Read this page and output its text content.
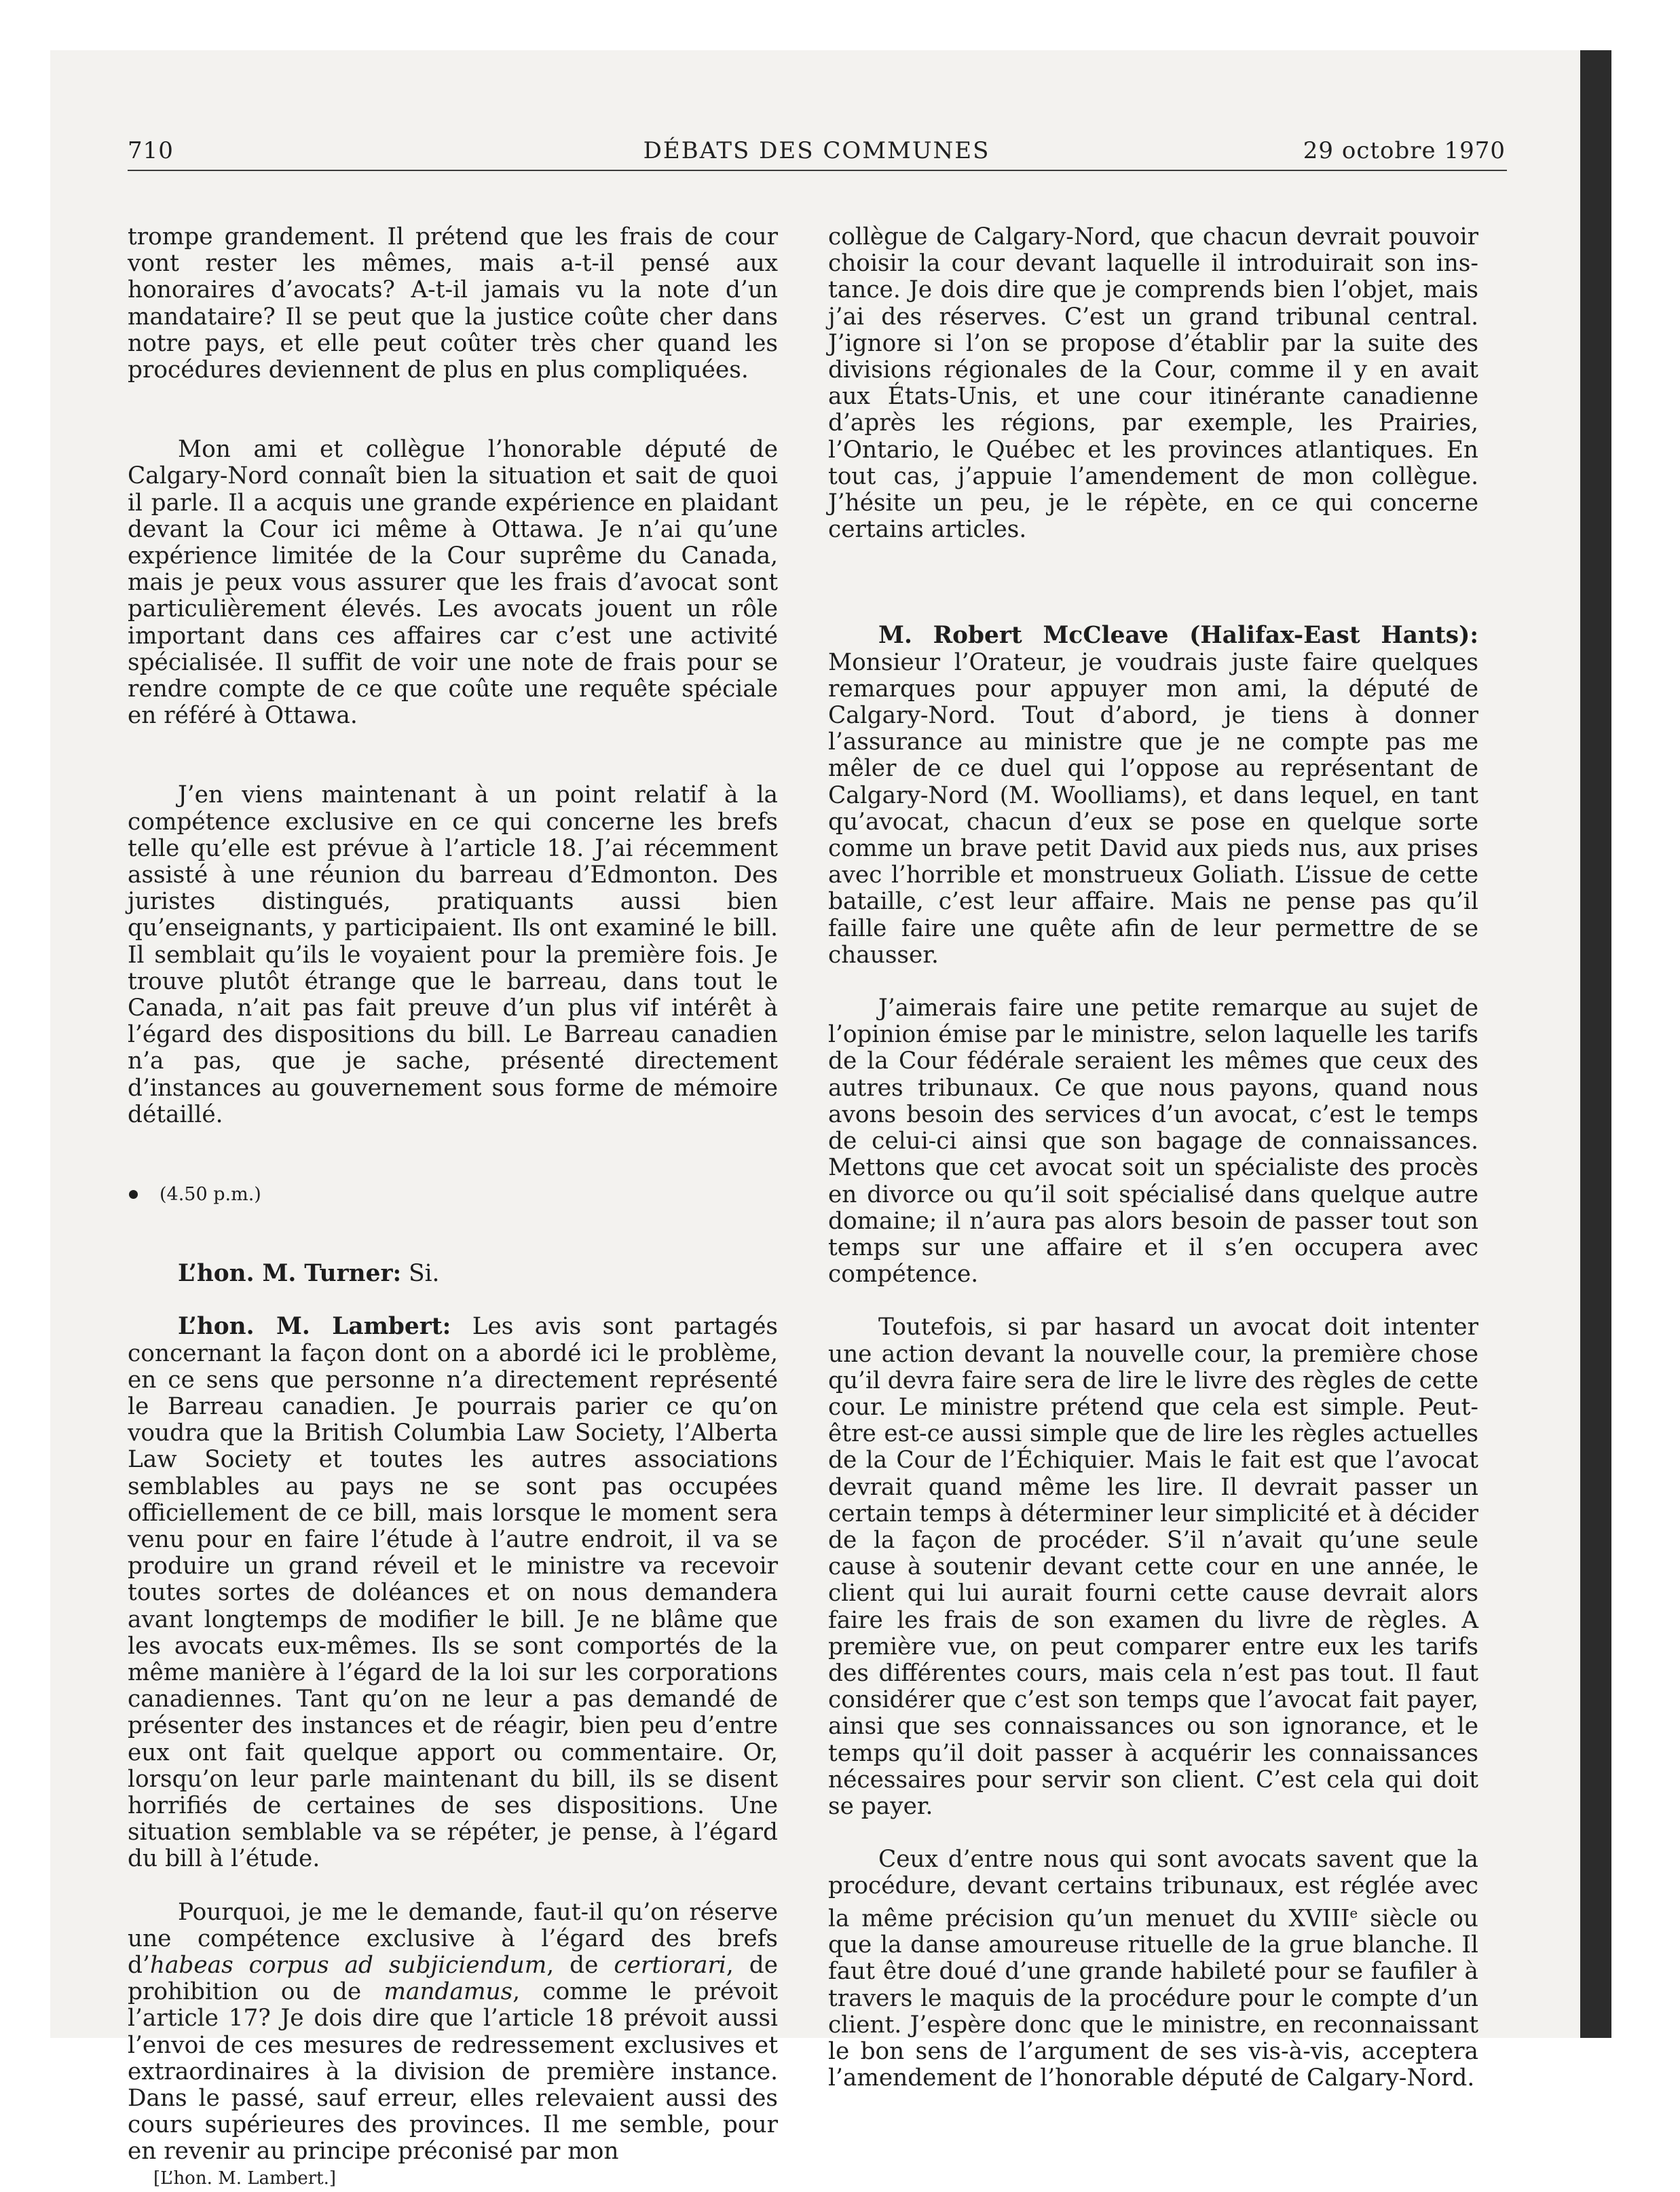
710	DÉBATS DES COMMUNES	29 octobre 1970

trompe grandement. Il prétend que les frais de cour vont rester les mêmes, mais a-t-il pensé aux honoraires d’avocats? A-t-il jamais vu la note d’un mandataire? Il se peut que la justice coûte cher dans notre pays, et elle peut coûter très cher quand les procédures deviennent de plus en plus compliquées.

Mon ami et collègue l’honorable député de Calgary-Nord connaît bien la situation et sait de quoi il parle. Il a acquis une grande expérience en plaidant devant la Cour ici même à Ottawa. Je n’ai qu’une expérience limitée de la Cour suprême du Canada, mais je peux vous assurer que les frais d’avocat sont particulièrement élevés. Les avocats jouent un rôle important dans ces affaires car c’est une activité spécialisée. Il suffit de voir une note de frais pour se rendre compte de ce que coûte une requête spéciale en référé à Ottawa.

J’en viens maintenant à un point relatif à la compétence exclusive en ce qui concerne les brefs telle qu’elle est prévue à l’article 18. J’ai récemment assisté à une réunion du barreau d’Edmonton. Des juristes distingués, pratiquants aussi bien qu’enseignants, y participaient. Ils ont examiné le bill. Il semblait qu’ils le voyaient pour la première fois. Je trouve plutôt étrange que le barreau, dans tout le Canada, n’ait pas fait preuve d’un plus vif intérêt à l’égard des dispositions du bill. Le Barreau canadien n’a pas, que je sache, présenté directement d’instances au gouvernement sous forme de mémoire détaillé.

(4.50 p.m.)

L’hon. M. Turner: Si.

L’hon. M. Lambert: Les avis sont partagés concernant la façon dont on a abordé ici le problème, en ce sens que personne n’a directement représenté le Barreau canadien. Je pourrais parier ce qu’on voudra que la British Columbia Law Society, l’Alberta Law Society et toutes les autres associations semblables au pays ne se sont pas occupées officiellement de ce bill, mais lorsque le moment sera venu pour en faire l’étude à l’autre endroit, il va se produire un grand réveil et le ministre va recevoir toutes sortes de doléances et on nous demandera avant longtemps de modifier le bill. Je ne blâme que les avocats eux-mêmes. Ils se sont comportés de la même manière à l’égard de la loi sur les corporations canadiennes. Tant qu’on ne leur a pas demandé de présenter des instances et de réagir, bien peu d’entre eux ont fait quelque apport ou commentaire. Or, lorsqu’on leur parle maintenant du bill, ils se disent horrifiés de certaines de ses dispositions. Une situation semblable va se répéter, je pense, à l’égard du bill à l’étude.

Pourquoi, je me le demande, faut-il qu’on réserve une compétence exclusive à l’égard des brefs d’habeas corpus ad subjiciendum, de certiorari, de prohibition ou de mandamus, comme le prévoit l’article 17? Je dois dire que l’article 18 prévoit aussi l’envoi de ces mesures de redressement exclusives et extraordinaires à la division de première instance. Dans le passé, sauf erreur, elles relevaient aussi des cours supérieures des provinces. Il me semble, pour en revenir au principe préconisé par mon

[L’hon. M. Lambert.]

collègue de Calgary-Nord, que chacun devrait pouvoir choisir la cour devant laquelle il introduirait son instance. Je dois dire que je comprends bien l’objet, mais j’ai des réserves. C’est un grand tribunal central. J’ignore si l’on se propose d’établir par la suite des divisions régionales de la Cour, comme il y en avait aux États-Unis, et une cour itinérante canadienne d’après les régions, par exemple, les Prairies, l’Ontario, le Québec et les provinces atlantiques. En tout cas, j’appuie l’amendement de mon collègue. J’hésite un peu, je le répète, en ce qui concerne certains articles.

M. Robert McCleave (Halifax-East Hants): Monsieur l’Orateur, je voudrais juste faire quelques remarques pour appuyer mon ami, la député de Calgary-Nord. Tout d’abord, je tiens à donner l’assurance au ministre que je ne compte pas me mêler de ce duel qui l’oppose au représentant de Calgary-Nord (M. Woolliams), et dans lequel, en tant qu’avocat, chacun d’eux se pose en quelque sorte comme un brave petit David aux pieds nus, aux prises avec l’horrible et monstrueux Goliath. L’issue de cette bataille, c’est leur affaire. Mais ne pense pas qu’il faille faire une quête afin de leur permettre de se chausser.

J’aimerais faire une petite remarque au sujet de l’opinion émise par le ministre, selon laquelle les tarifs de la Cour fédérale seraient les mêmes que ceux des autres tribunaux. Ce que nous payons, quand nous avons besoin des services d’un avocat, c’est le temps de celui-ci ainsi que son bagage de connaissances. Mettons que cet avocat soit un spécialiste des procès en divorce ou qu’il soit spécialisé dans quelque autre domaine; il n’aura pas alors besoin de passer tout son temps sur une affaire et il s’en occupera avec compétence.

Toutefois, si par hasard un avocat doit intenter une action devant la nouvelle cour, la première chose qu’il devra faire sera de lire le livre des règles de cette cour. Le ministre prétend que cela est simple. Peut-être est-ce aussi simple que de lire les règles actuelles de la Cour de l’Échiquier. Mais le fait est que l’avocat devrait quand même les lire. Il devrait passer un certain temps à déterminer leur simplicité et à décider de la façon de procéder. S’il n’avait qu’une seule cause à soutenir devant cette cour en une année, le client qui lui aurait fourni cette cause devrait alors faire les frais de son examen du livre de règles. A première vue, on peut comparer entre eux les tarifs des différentes cours, mais cela n’est pas tout. Il faut considérer que c’est son temps que l’avocat fait payer, ainsi que ses connaissances ou son ignorance, et le temps qu’il doit passer à acquérir les connaissances nécessaires pour servir son client. C’est cela qui doit se payer.

Ceux d’entre nous qui sont avocats savent que la procédure, devant certains tribunaux, est réglée avec la même précision qu’un menuet du XVIIIe siècle ou que la danse amoureuse rituelle de la grue blanche. Il faut être doué d’une grande habileté pour se faufiler à travers le maquis de la procédure pour le compte d’un client. J’espère donc que le ministre, en reconnaissant le bon sens de l’argument de ses vis-à-vis, acceptera l’amendement de l’honorable député de Calgary-Nord.
